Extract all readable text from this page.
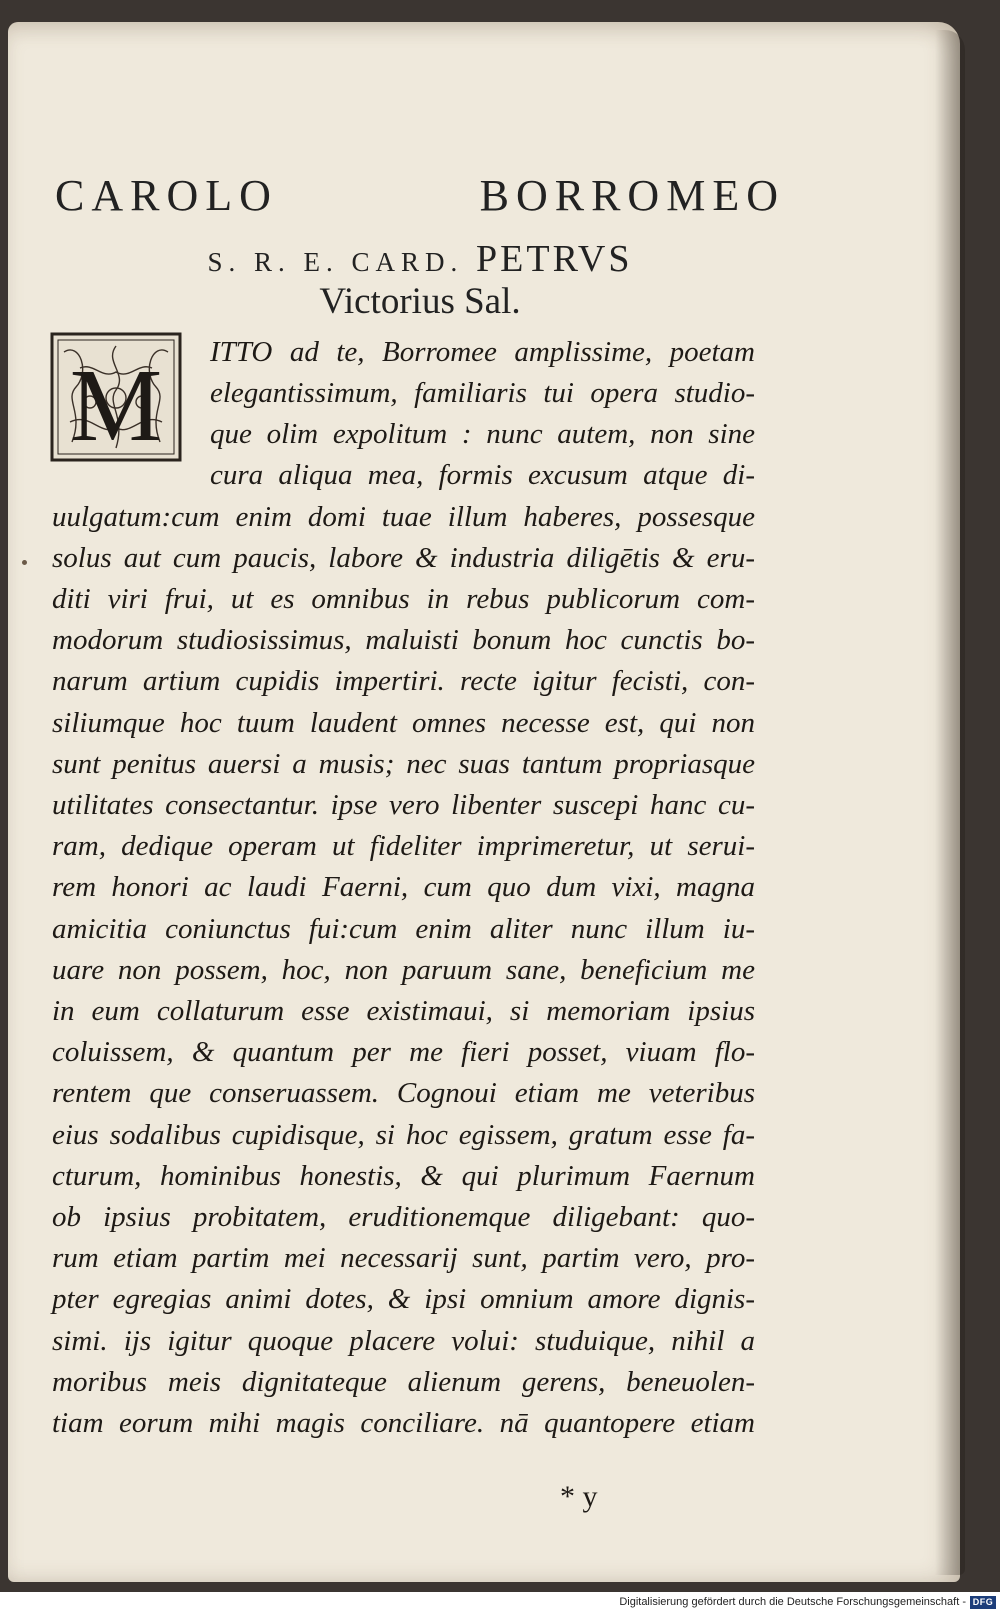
CAROLO BORROMEO
S. R. E. CARD. PETRVS
Victorius Sal.
M ITTO ad te, Borromee amplissime, poetam
elegantissimum, familiaris tui opera studio-
que olim expolitum : nunc autem, non sine
cura aliqua mea, formis excusum atque di-
uulgatum:cum enim domi tuae illum haberes, possesque
solus aut cum paucis, labore & industria diligētis & eru-
diti viri frui, ut es omnibus in rebus publicorum com-
modorum studiosissimus, maluisti bonum hoc cunctis bo-
narum artium cupidis impertiri. recte igitur fecisti, con-
siliumque hoc tuum laudent omnes necesse est, qui non
sunt penitus auersi a musis; nec suas tantum propriasque
utilitates consectantur. ipse vero libenter suscepi hanc cu-
ram, dedique operam ut fideliter imprimeretur, ut serui-
rem honori ac laudi Faerni, cum quo dum vixi, magna
amicitia coniunctus fui:cum enim aliter nunc illum iu-
uare non possem, hoc, non paruum sane, beneficium me
in eum collaturum esse existimaui, si memoriam ipsius
coluissem, & quantum per me fieri posset, viuam flo-
rentem que conseruassem. Cognoui etiam me veteribus
eius sodalibus cupidisque, si hoc egissem, gratum esse fa-
cturum, hominibus honestis, & qui plurimum Faernum
ob ipsius probitatem, eruditionemque diligebant: quo-
rum etiam partim mei necessarij sunt, partim vero, pro-
pter egregias animi dotes, & ipsi omnium amore dignis-
simi. ijs igitur quoque placere volui: studuique, nihil a
moribus meis dignitateque alienum gerens, beneuolen-
tiam eorum mihi magis conciliare. nā quantopere etiam
* y
Digitalisierung gefördert durch die Deutsche Forschungsgemeinschaft - DFG
